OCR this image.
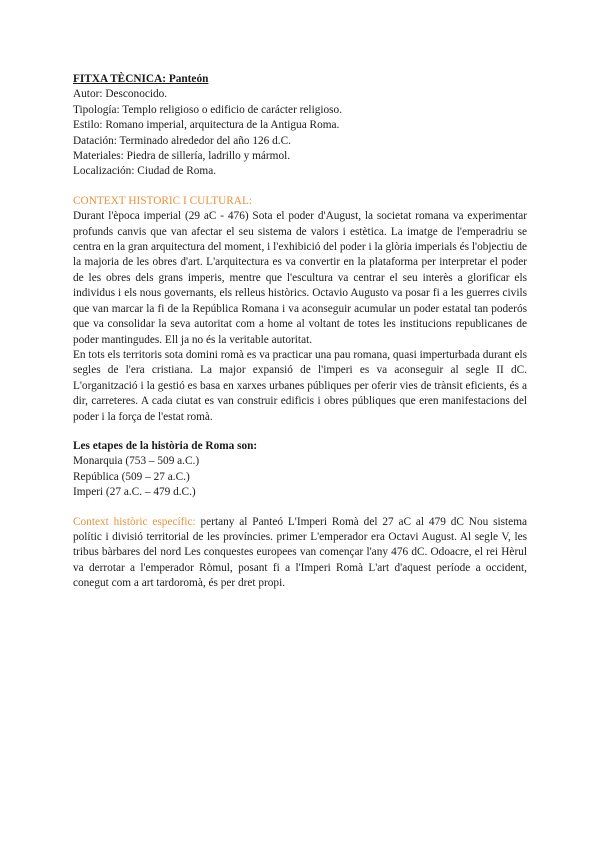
FITXA TÈCNICA: Panteón
Autor: Desconocido.
Tipología: Templo religioso o edificio de carácter religioso.
Estilo: Romano imperial, arquitectura de la Antigua Roma.
Datación: Terminado alrededor del año 126 d.C.
Materiales: Piedra de sillería, ladrillo y mármol.
Localización: Ciudad de Roma.
CONTEXT HISTORIC I CULTURAL:

Durant l'època imperial (29 aC - 476) Sota el poder d'August, la societat romana va experimentar profunds canvis que van afectar el seu sistema de valors i estètica. La imatge de l'emperadriu se centra en la gran arquitectura del moment, i l'exhibició del poder i la glòria imperials és l'objectiu de la majoria de les obres d'art. L'arquitectura es va convertir en la plataforma per interpretar el poder de les obres dels grans imperis, mentre que l'escultura va centrar el seu interès a glorificar els individus i els nous governants, els relleus històrics. Octavio Augusto va posar fi a les guerres civils que van marcar la fi de la República Romana i va aconseguir acumular un poder estatal tan poderós que va consolidar la seva autoritat com a home al voltant de totes les institucions republicanes de poder mantingudes. Ell ja no és la veritable autoritat.

En tots els territoris sota domini romà es va practicar una pau romana, quasi imperturbada durant els segles de l'era cristiana. La major expansió de l'imperi es va aconseguir al segle II dC. L'organització i la gestió es basa en xarxes urbanes públiques per oferir vies de trànsit eficients, és a dir, carreteres. A cada ciutat es van construir edificis i obres públiques que eren manifestacions del poder i la força de l'estat romà.

Les etapes de la història de Roma son:
Monarquia (753 – 509 a.C.)
República (509 – 27 a.C.)
Imperi (27 a.C. – 479 d.C.)

Context històric específic: pertany al Panteó L'Imperi Romà del 27 aC al 479 dC Nou sistema polític i divisió territorial de les províncies. primer L'emperador era Octavi August. Al segle V, les tribus bàrbares del nord Les conquestes europees van començar l'any 476 dC. Odoacre, el rei Hèrul va derrotar a l'emperador Ròmul, posant fi a l'Imperi Romà L'art d'aquest període a occident, conegut com a art tardoromà, és per dret propi.
